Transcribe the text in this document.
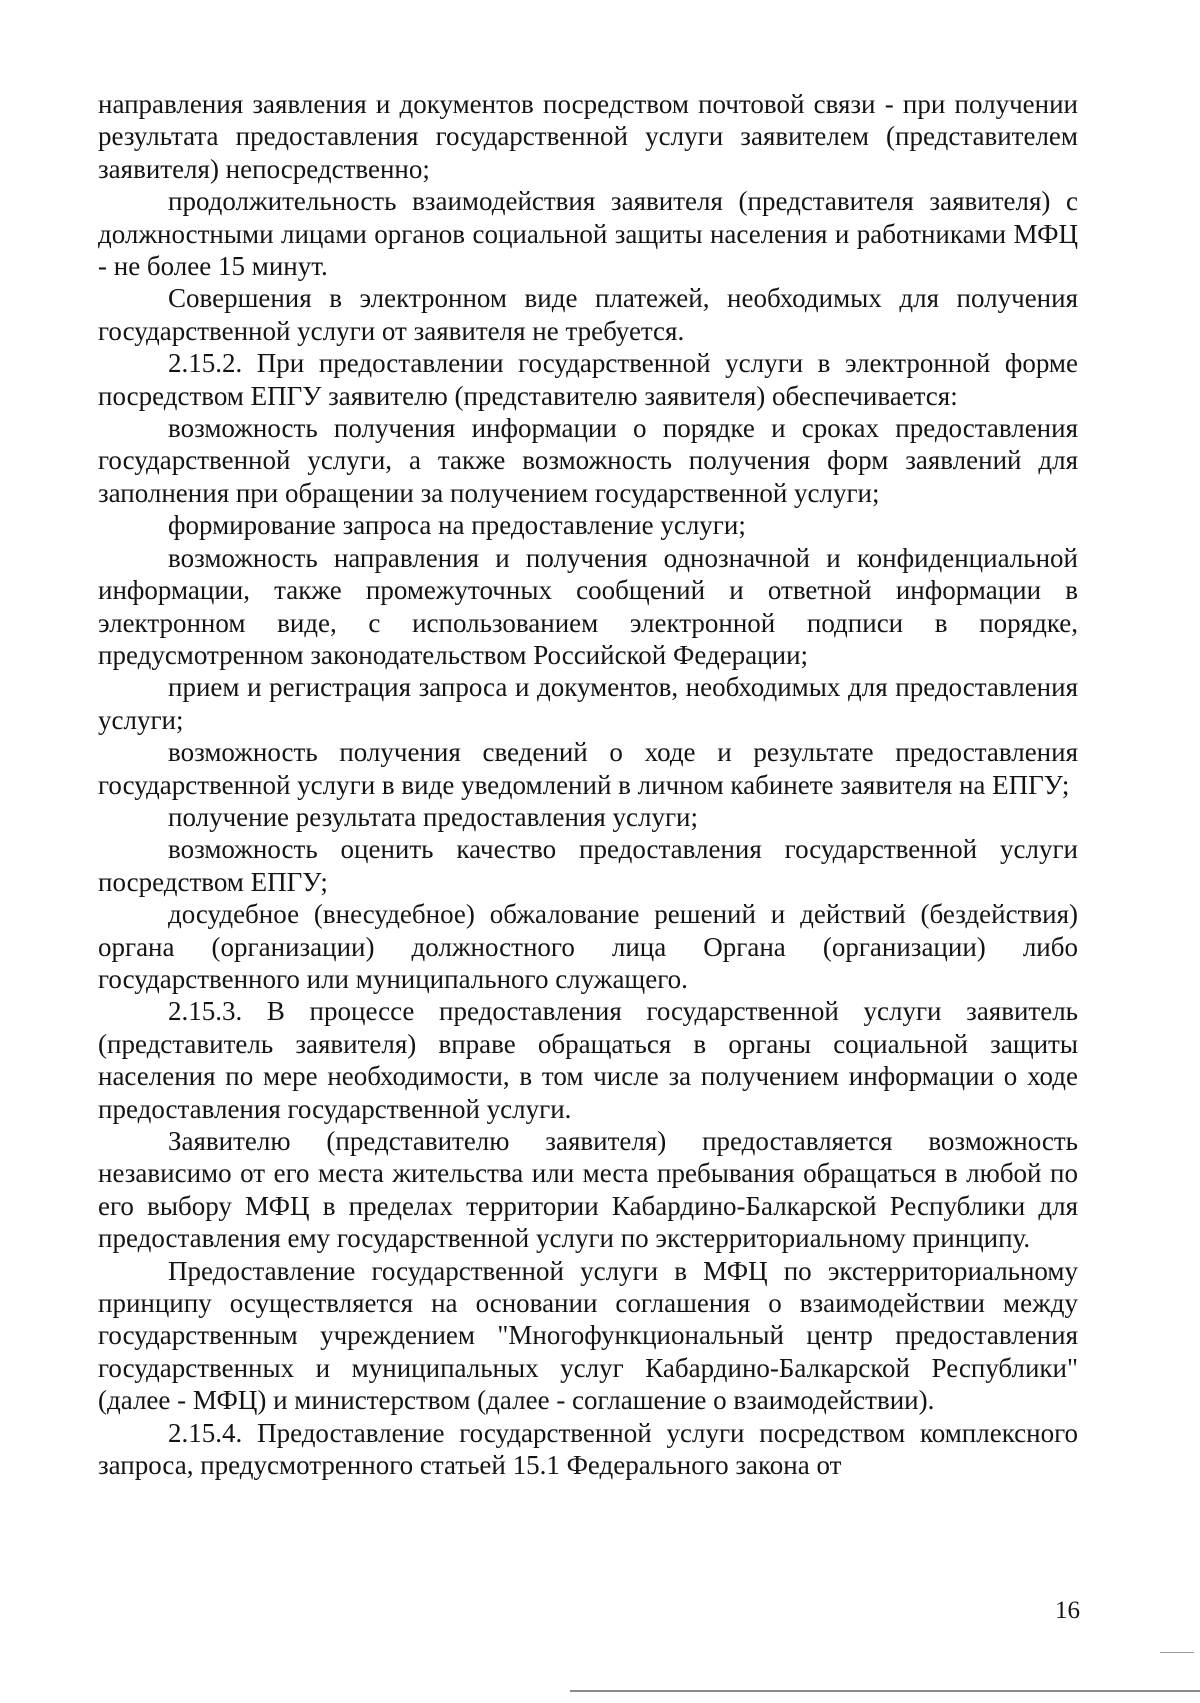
направления заявления и документов посредством почтовой связи - при получении результата предоставления государственной услуги заявителем (представителем заявителя) непосредственно;

продолжительность взаимодействия заявителя (представителя заявителя) с должностными лицами органов социальной защиты населения и работниками МФЦ - не более 15 минут.

Совершения в электронном виде платежей, необходимых для получения государственной услуги от заявителя не требуется.

2.15.2. При предоставлении государственной услуги в электронной форме посредством ЕПГУ заявителю (представителю заявителя) обеспечивается:

возможность получения информации о порядке и сроках предоставления государственной услуги, а также возможность получения форм заявлений для заполнения при обращении за получением государственной услуги;

формирование запроса на предоставление услуги;

возможность направления и получения однозначной и конфиденциальной информации, также промежуточных сообщений и ответной информации в электронном виде, с использованием электронной подписи в порядке, предусмотренном законодательством Российской Федерации;

прием и регистрация запроса и документов, необходимых для предоставления услуги;

возможность получения сведений о ходе и результате предоставления государственной услуги в виде уведомлений в личном кабинете заявителя на ЕПГУ;

получение результата предоставления услуги;

возможность оценить качество предоставления государственной услуги посредством ЕПГУ;

досудебное (внесудебное) обжалование решений и действий (бездействия) органа (организации) должностного лица Органа (организации) либо государственного или муниципального служащего.

2.15.3. В процессе предоставления государственной услуги заявитель (представитель заявителя) вправе обращаться в органы социальной защиты населения по мере необходимости, в том числе за получением информации о ходе предоставления государственной услуги.

Заявителю (представителю заявителя) предоставляется возможность независимо от его места жительства или места пребывания обращаться в любой по его выбору МФЦ в пределах территории Кабардино-Балкарской Республики для предоставления ему государственной услуги по экстерриториальному принципу.

Предоставление государственной услуги в МФЦ по экстерриториальному принципу осуществляется на основании соглашения о взаимодействии между государственным учреждением "Многофункциональный центр предоставления государственных и муниципальных услуг Кабардино-Балкарской Республики" (далее - МФЦ) и министерством (далее - соглашение о взаимодействии).

2.15.4. Предоставление государственной услуги посредством комплексного запроса, предусмотренного статьей 15.1 Федерального закона от

16
